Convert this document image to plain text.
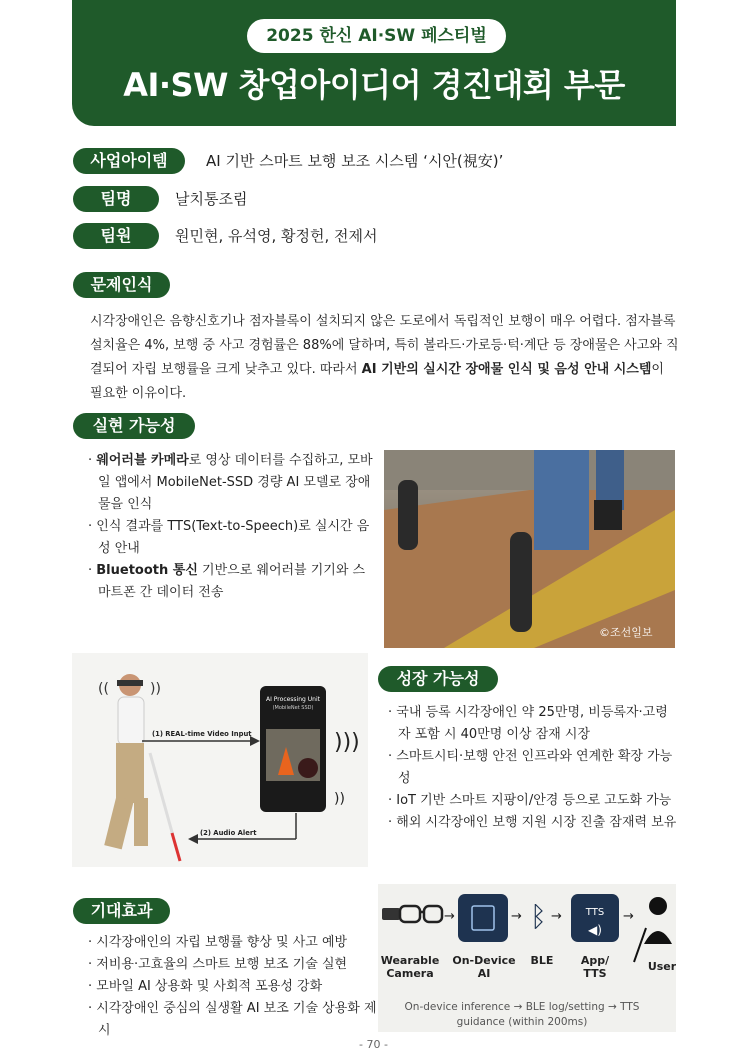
2025 한신 AI·SW 페스티벌
AI·SW 창업아이디어 경진대회 부문
사업아이템	AI 기반 스마트 보행 보조 시스템 ‘시안(視安)’
팀명	날치통조림
팀원	원민현, 유석영, 황정헌, 전제서
문제인식
시각장애인은 음향신호기나 점자블록이 설치되지 않은 도로에서 독립적인 보행이 매우 어렵다. 점자블록 설치율은 4%, 보행 중 사고 경험률은 88%에 달하며, 특히 볼라드·가로등·턱·계단 등 장애물은 사고와 직결되어 자립 보행률을 크게 낮추고 있다. 따라서 AI 기반의 실시간 장애물 인식 및 음성 안내 시스템이 필요한 이유이다.
실현 가능성
· 웨어러블 카메라로 영상 데이터를 수집하고, 모바일 앱에서 MobileNet-SSD 경량 AI 모델로 장애물을 인식
· 인식 결과를 TTS(Text-to-Speech)로 실시간 음성 안내
· Bluetooth 통신 기반으로 웨어러블 기기와 스마트폰 간 데이터 전송
©조선일보
((	))
(1) REAL-time Video Input
AI Processing Unit
(MobileNet SSD)
)))
))
(2) Audio Alert
성장 가능성
· 국내 등록 시각장애인 약 25만명, 비등록자·고령자 포함 시 40만명 이상 잠재 시장
· 스마트시티·보행 안전 인프라와 연계한 확장 가능성
· IoT 기반 스마트 지팡이/안경 등으로 고도화 가능
· 해외 시각장애인 보행 지원 시장 진출 잠재력 보유
기대효과
· 시각장애인의 자립 보행률 향상 및 사고 예방
· 저비용·고효율의 스마트 보행 보조 기술 실현
· 모바일 AI 상용화 및 사회적 포용성 강화
· 시각장애인 중심의 실생활 AI 보조 기술 상용화 제시
→	→ ᛒ → TTS
◀)
→
Wearable
Camera
On-Device
AI
BLE App/
TTS
User
On-device inference → BLE log/setting → TTS
guidance (within 200ms)
- 70 -
